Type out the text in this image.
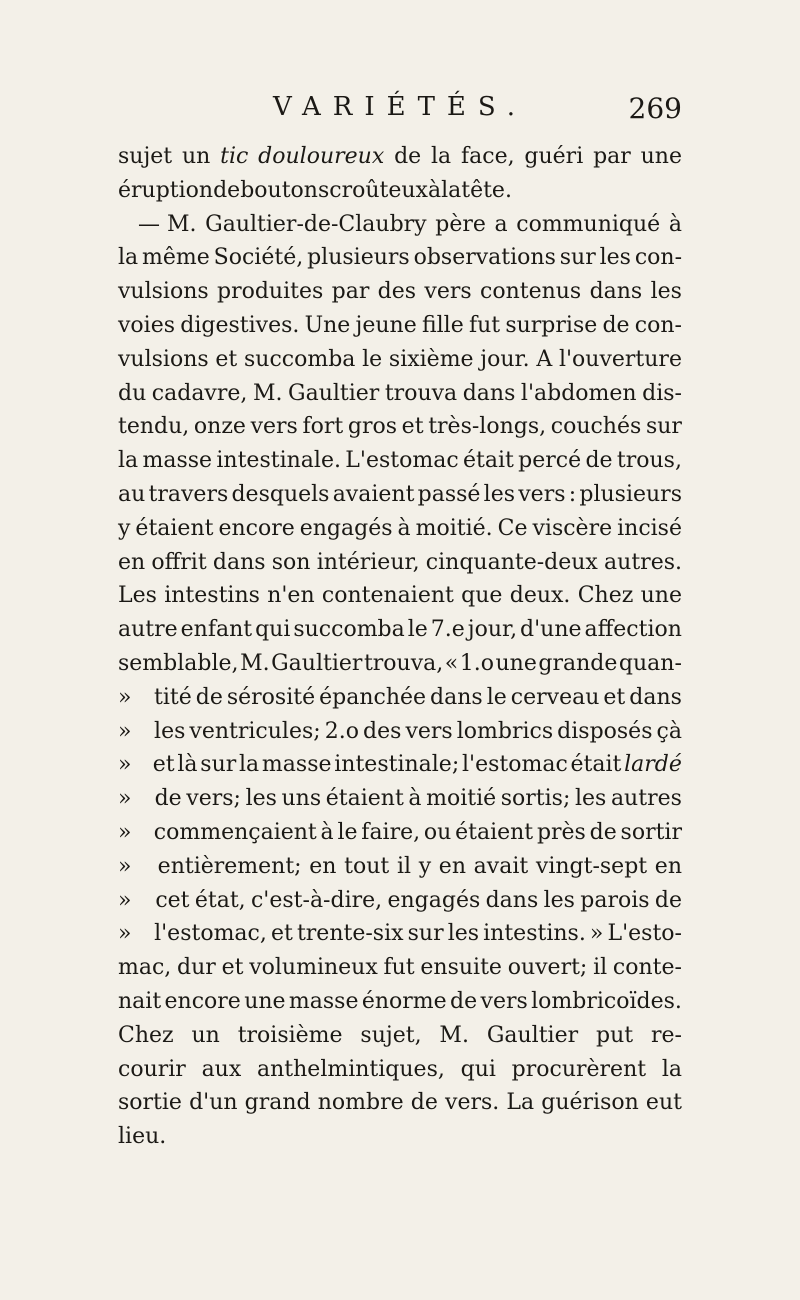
VARIÉTÉS.	269
sujet un tic douloureux de la face, guéri par une
éruption de boutons croûteux à la tête.
— M. Gaultier-de-Claubry père a communiqué à
la même Société, plusieurs observations sur les con-
vulsions produites par des vers contenus dans les
voies digestives. Une jeune fille fut surprise de con-
vulsions et succomba le sixième jour. A l'ouverture
du cadavre, M. Gaultier trouva dans l'abdomen dis-
tendu, onze vers fort gros et très-longs, couchés sur
la masse intestinale. L'estomac était percé de trous,
au travers desquels avaient passé les vers : plusieurs
y étaient encore engagés à moitié. Ce viscère incisé
en offrit dans son intérieur, cinquante-deux autres.
Les intestins n'en contenaient que deux. Chez une
autre enfant qui succomba le 7.e jour, d'une affection
semblable, M. Gaultier trouva, « 1.o une grande quan-
»	tité de sérosité épanchée dans le cerveau et dans
»	les ventricules; 2.o des vers lombrics disposés çà
» et là sur la masse intestinale; l'estomac était lardé
»	de vers; les uns étaient à moitié sortis; les autres
»	commençaient à le faire, ou étaient près de sortir
»	entièrement; en tout il y en avait vingt-sept en
»	cet état, c'est-à-dire, engagés dans les parois de
»	l'estomac, et trente-six sur les intestins. » L'esto-
mac, dur et volumineux fut ensuite ouvert; il conte-
nait encore une masse énorme de vers lombricoïdes.
Chez un troisième sujet, M. Gaultier put re-
courir aux anthelmintiques, qui procurèrent la
sortie d'un grand nombre de vers. La guérison eut
lieu.
